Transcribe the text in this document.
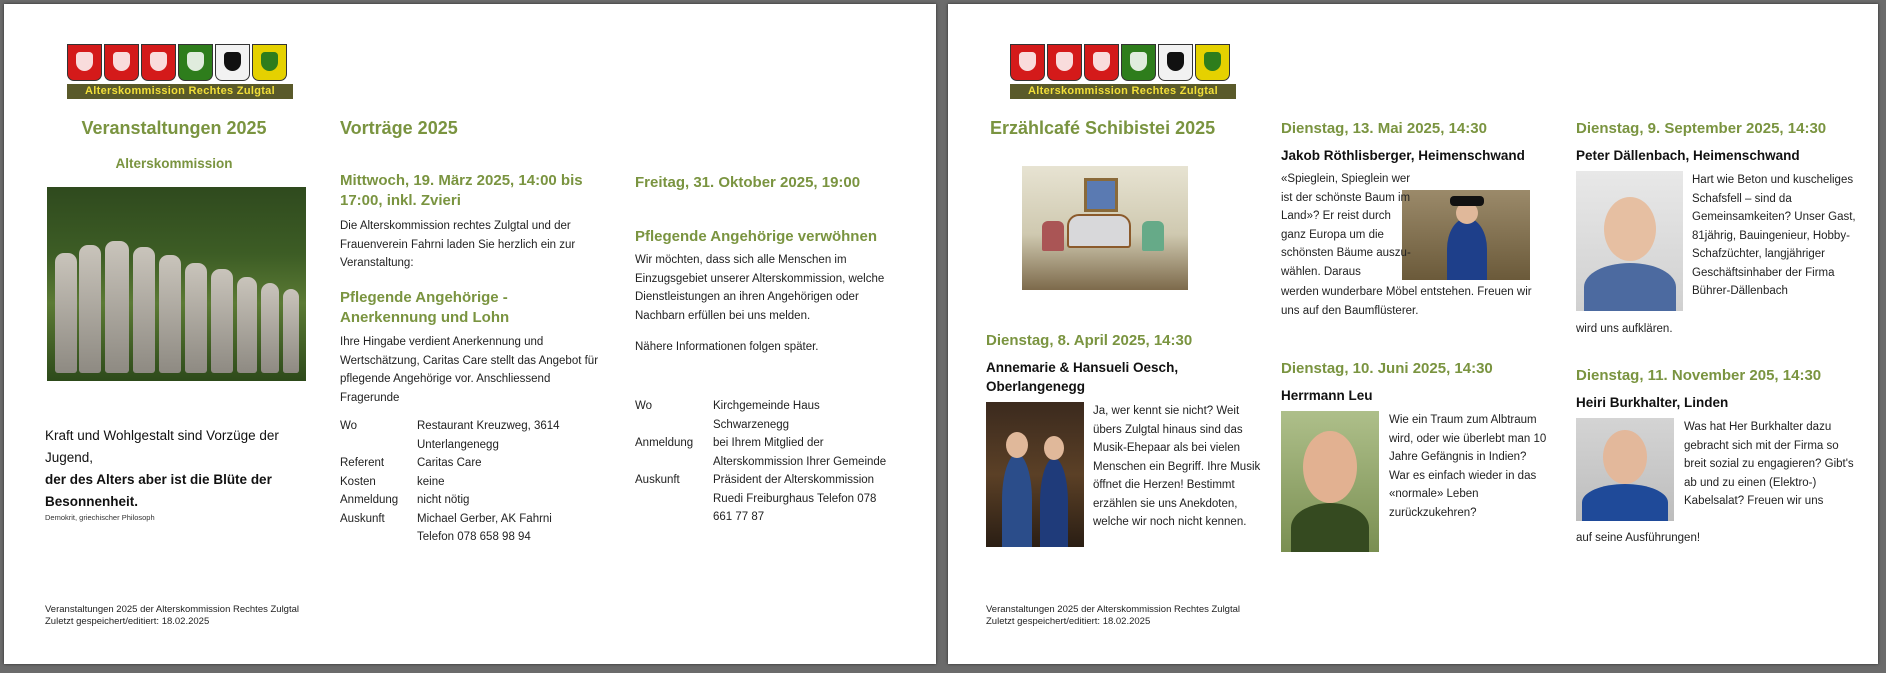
Alterskommission Rechtes Zulgtal
Veranstaltungen 2025
Alterskommission
Kraft und Wohlgestalt sind Vorzüge der Jugend,
der des Alters aber ist die Blüte der Besonnenheit.
Demokrit, griechischer Philosoph
Vorträge 2025
Mittwoch, 19. März 2025, 14:00 bis 17:00, inkl. Zvieri
Die Alterskommission rechtes Zulgtal und der Frauenverein Fahrni laden Sie herzlich ein zur Veranstaltung:
Pflegende Angehörige - Anerkennung und Lohn
Ihre Hingabe verdient Anerkennung und Wertschätzung, Caritas Care stellt das Angebot für pflegende Angehörige vor. Anschliessend Fragerunde
Wo	Restaurant Kreuzweg, 3614 Unterlangenegg
Referent	Caritas Care
Kosten	keine
Anmeldung	nicht nötig
Auskunft	Michael Gerber, AK Fahrni Telefon 078 658 98 94
Freitag, 31. Oktober 2025, 19:00
Pflegende Angehörige verwöhnen
Wir möchten, dass sich alle Menschen im Einzugsgebiet unserer Alterskommission, welche Dienstleistungen an ihren Angehörigen oder Nachbarn erfüllen bei uns melden.
Nähere Informationen folgen später.
Wo	Kirchgemeinde Haus Schwarzenegg
Anmeldung	bei Ihrem Mitglied der Alterskommission Ihrer Gemeinde
Auskunft	Präsident der Alterskommission Ruedi Freiburghaus Telefon 078 661 77 87
Veranstaltungen 2025 der Alterskommission Rechtes Zulgtal
Zuletzt gespeichert/editiert: 18.02.2025
Alterskommission Rechtes Zulgtal
Erzählcafé Schibistei 2025
Dienstag, 8. April 2025, 14:30
Annemarie & Hansueli Oesch, Oberlangenegg
Ja, wer kennt sie nicht? Weit übers Zulgtal hinaus sind das Musik-Ehepaar als bei vielen Menschen ein Begriff. Ihre Musik öffnet die Herzen! Bestimmt erzählen sie uns Anekdoten, welche wir noch nicht kennen.
Dienstag, 13. Mai 2025, 14:30
Jakob Röthlisberger, Heimenschwand
«Spieglein, Spieglein wer ist der schönste Baum im Land»? Er reist durch ganz Europa um die schönsten Bäume auszu-wählen. Daraus
werden wunderbare Möbel entstehen. Freuen wir uns auf den Baumflüsterer.
Dienstag, 10. Juni 2025, 14:30
Herrmann Leu
Wie ein Traum zum Albtraum wird, oder wie überlebt man 10 Jahre Gefängnis in Indien? War es einfach wieder in das «normale» Leben zurückzukehren?
Dienstag, 9. September 2025, 14:30
Peter Dällenbach, Heimenschwand
Hart wie Beton und kuscheliges Schafsfell – sind da Gemeinsamkeiten? Unser Gast, 81jährig, Bauingenieur, Hobby-Schafzüchter, langjähriger Geschäftsinhaber der Firma Bührer-Dällenbach
wird uns aufklären.
Dienstag, 11. November 205, 14:30
Heiri Burkhalter, Linden
Was hat Her Burkhalter dazu gebracht sich mit der Firma so breit sozial zu engagieren? Gibt's ab und zu einen (Elektro-) Kabelsalat? Freuen wir uns
auf seine Ausführungen!
Veranstaltungen 2025 der Alterskommission Rechtes Zulgtal
Zuletzt gespeichert/editiert: 18.02.2025
